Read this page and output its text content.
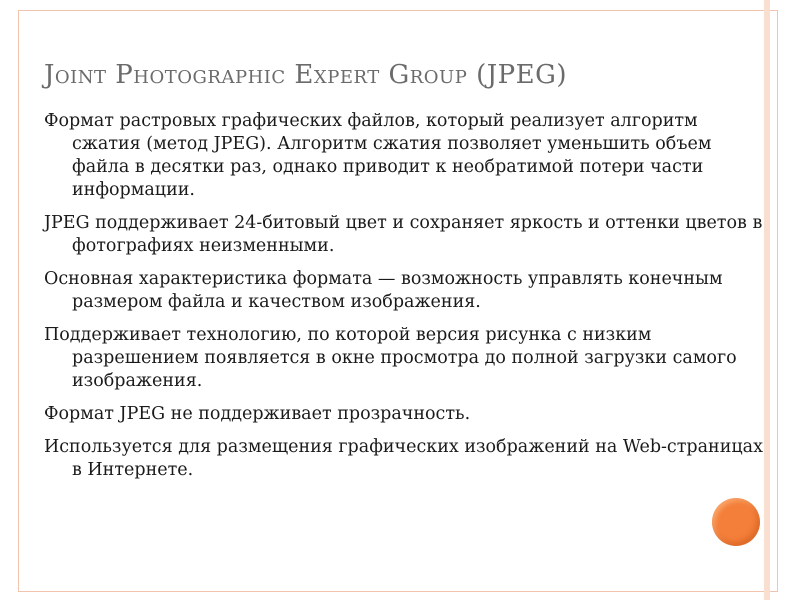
Joint Photographic Expert Group (JPEG)

Формат растровых графических файлов, который реализует алгоритм сжатия (метод JPEG). Алгоритм сжатия позволяет уменьшить объем файла в десятки раз, однако приводит к необратимой потери части информации.

JPEG поддерживает 24-битовый цвет и сохраняет яркость и оттенки цветов в фотографиях неизменными.

Основная характеристика формата — возможность управлять конечным размером файла и качеством изображения.

Поддерживает технологию, по которой версия рисунка с низким разрешением появляется в окне просмотра до полной загрузки самого изображения.

Формат JPEG не поддерживает прозрачность.

Используется для размещения графических изображений на Web-страницах в Интернете.
